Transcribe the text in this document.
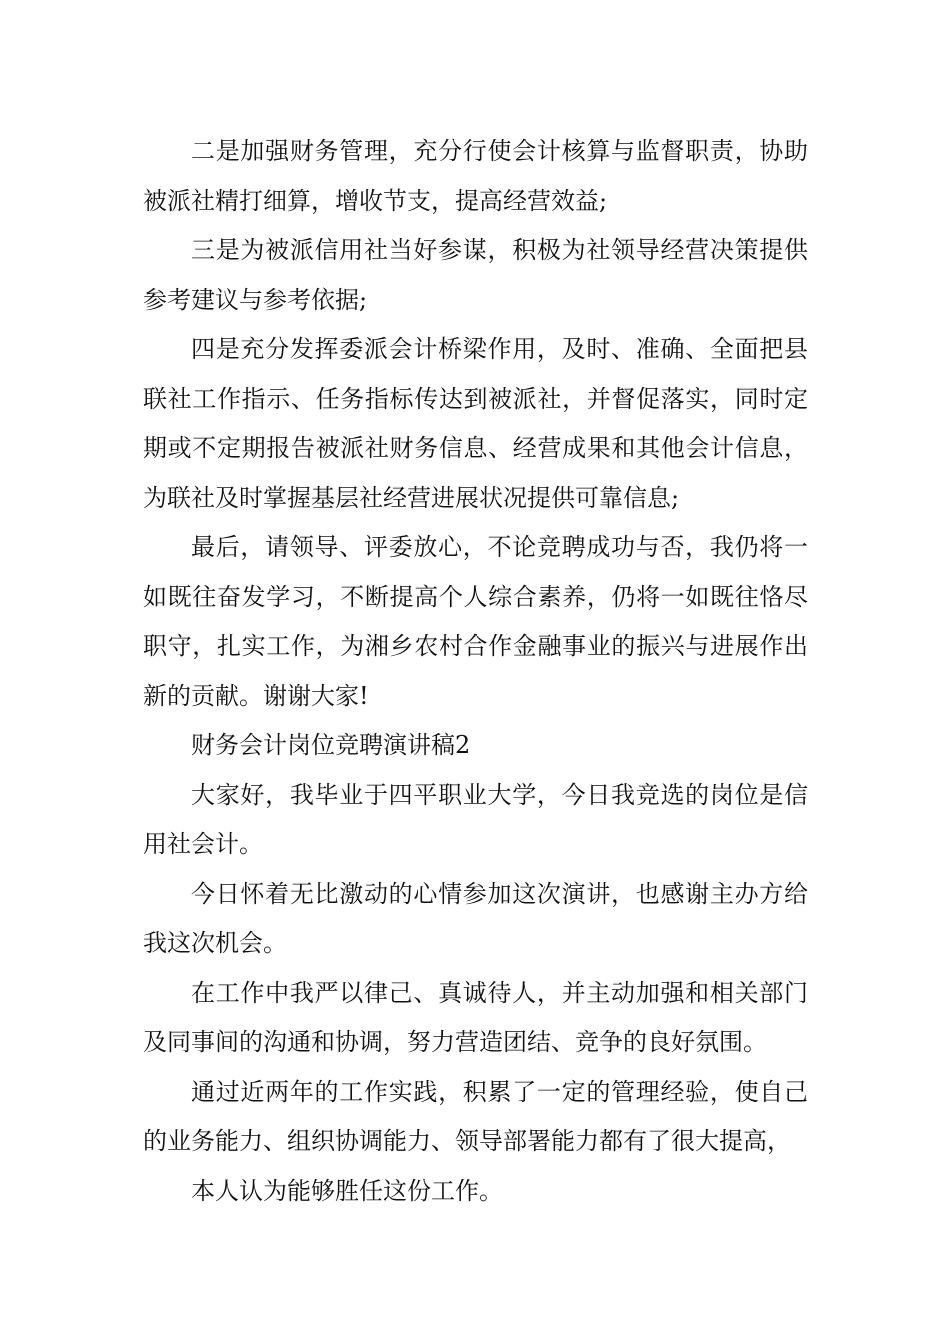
二是加强财务管理，充分行使会计核算与监督职责，协助被派社精打细算，增收节支，提高经营效益;

三是为被派信用社当好参谋，积极为社领导经营决策提供参考建议与参考依据;

四是充分发挥委派会计桥梁作用，及时、准确、全面把县联社工作指示、任务指标传达到被派社，并督促落实，同时定期或不定期报告被派社财务信息、经营成果和其他会计信息，为联社及时掌握基层社经营进展状况提供可靠信息;

最后，请领导、评委放心，不论竞聘成功与否，我仍将一如既往奋发学习，不断提高个人综合素养，仍将一如既往恪尽职守，扎实工作，为湘乡农村合作金融事业的振兴与进展作出新的贡献。谢谢大家!

财务会计岗位竞聘演讲稿2

大家好，我毕业于四平职业大学，今日我竞选的岗位是信用社会计。

今日怀着无比激动的心情参加这次演讲，也感谢主办方给我这次机会。

在工作中我严以律己、真诚待人，并主动加强和相关部门及同事间的沟通和协调，努力营造团结、竞争的良好氛围。

通过近两年的工作实践，积累了一定的管理经验，使自己的业务能力、组织协调能力、领导部署能力都有了很大提高，

本人认为能够胜任这份工作。
